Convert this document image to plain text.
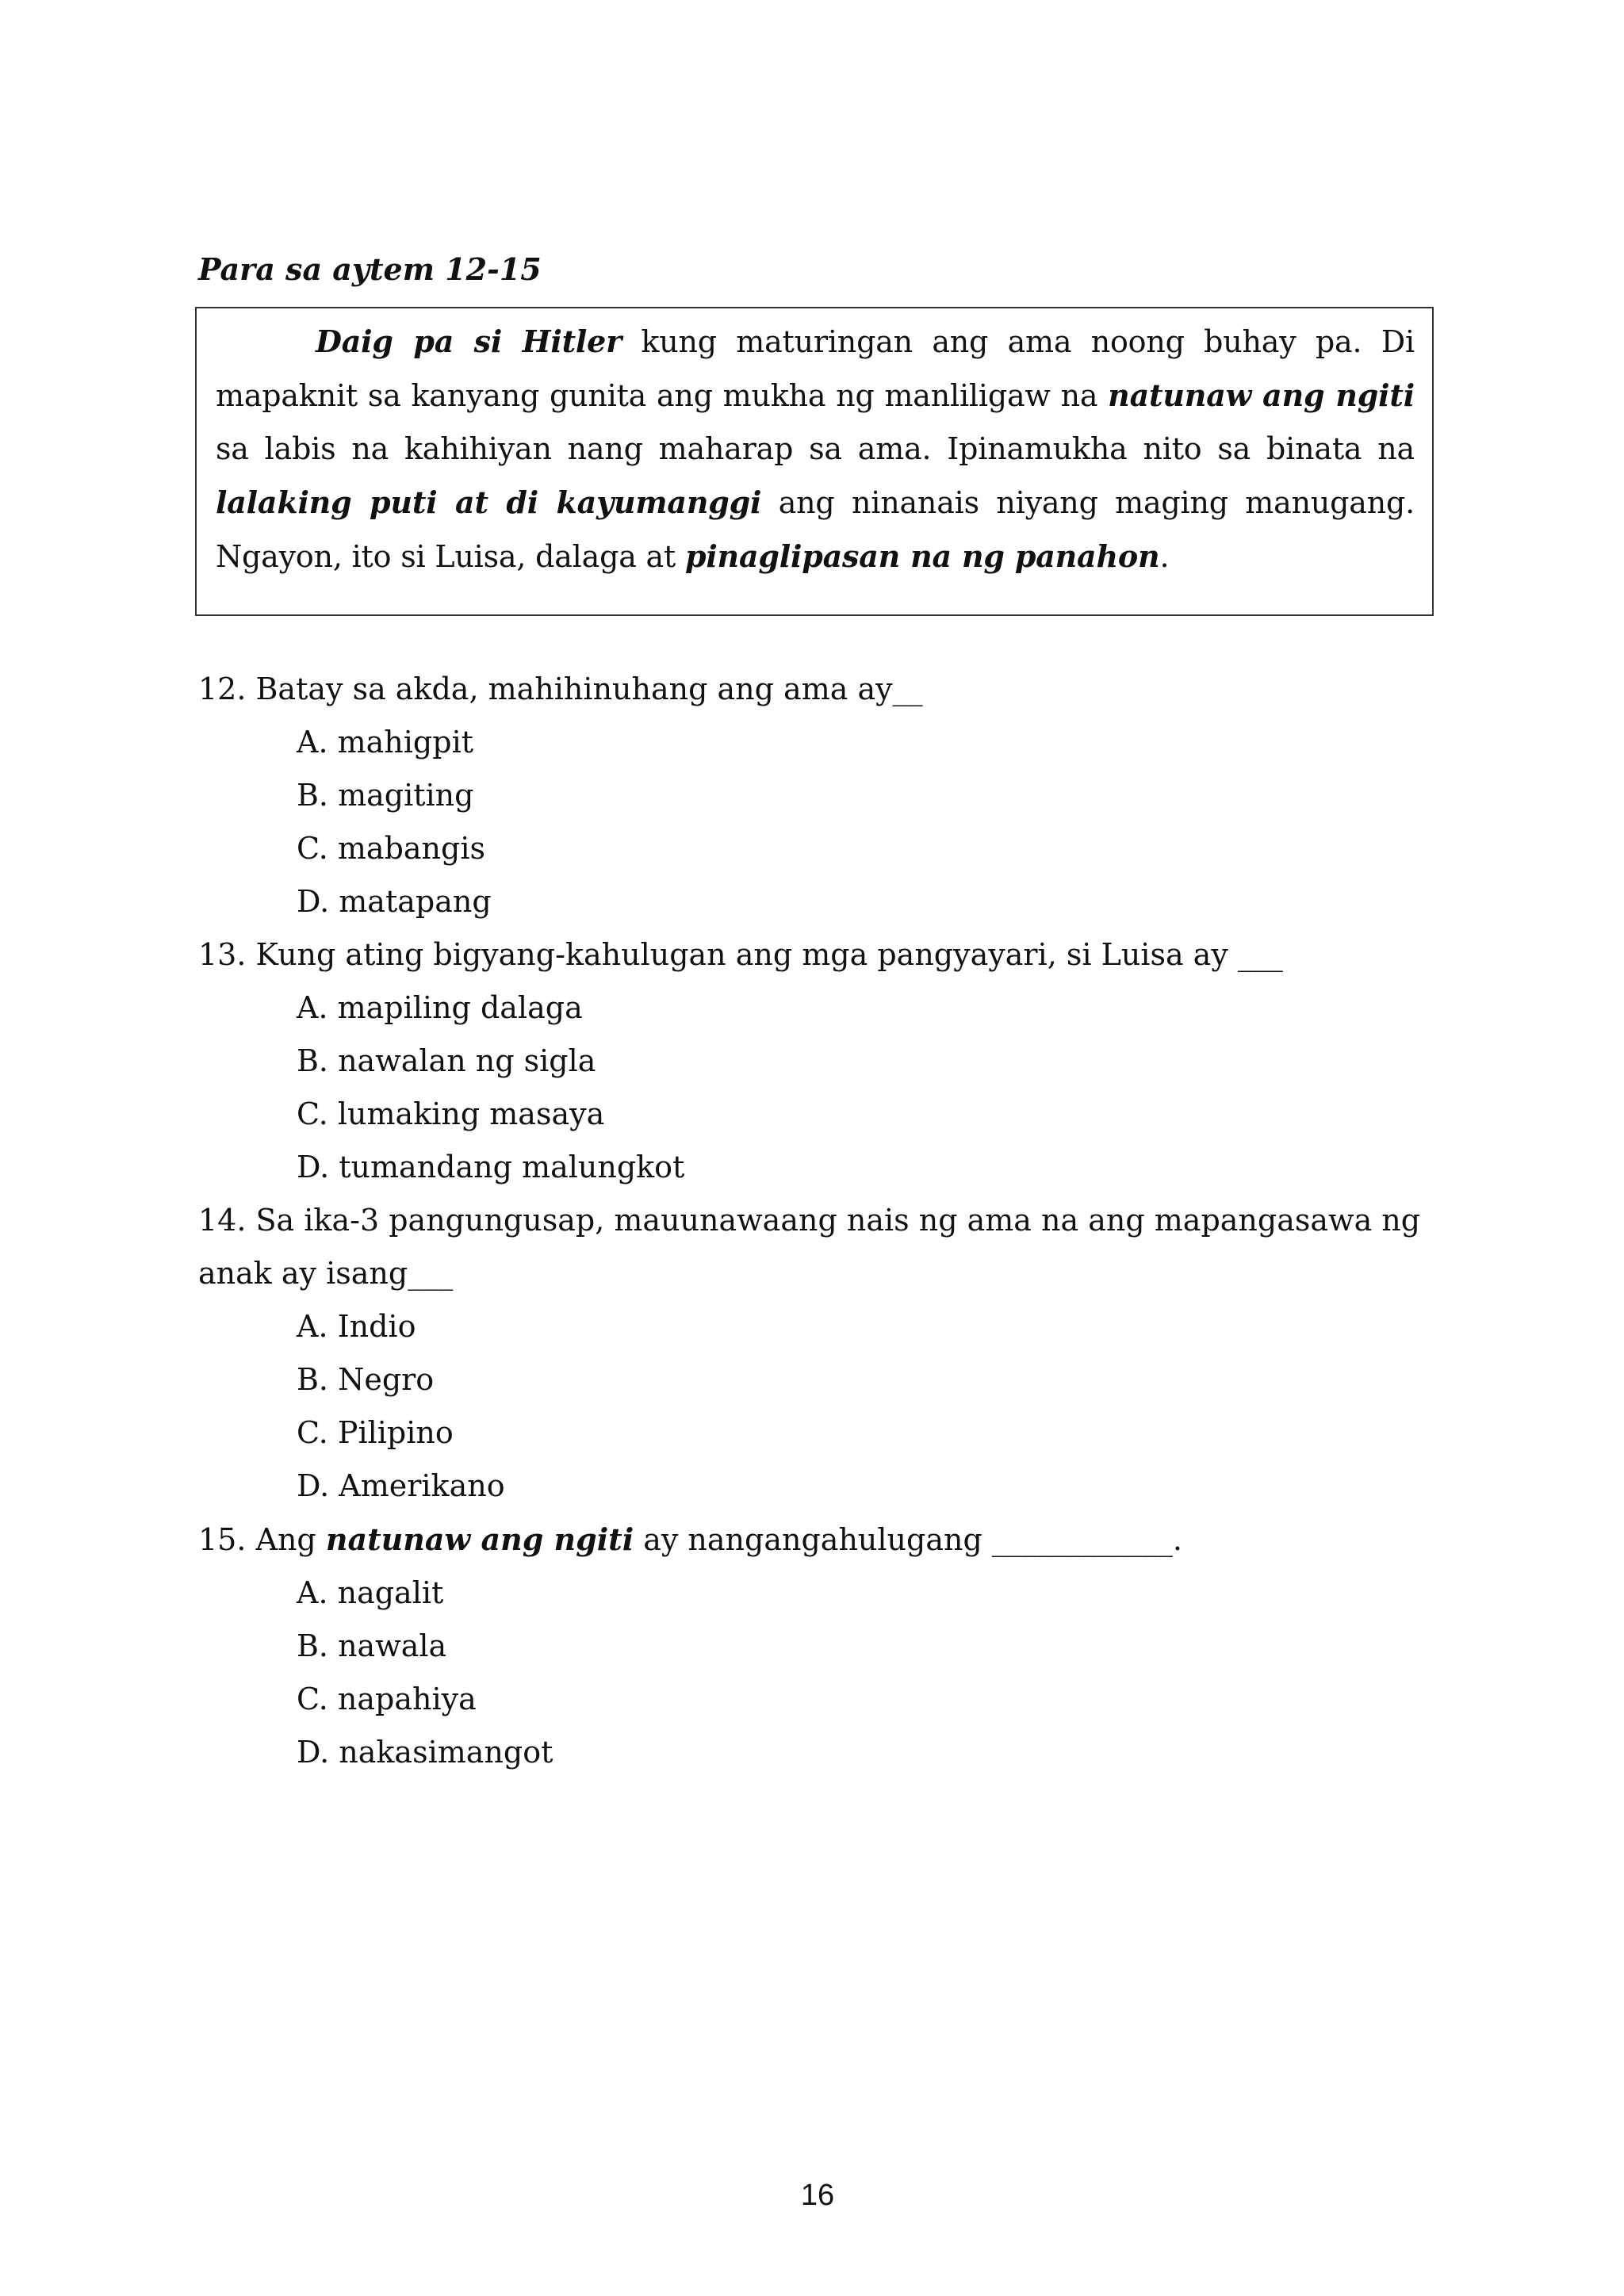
Para sa aytem 12-15

Daig pa si Hitler kung maturingan ang ama noong buhay pa. Di mapaknit sa kanyang gunita ang mukha ng manliligaw na natunaw ang ngiti sa labis na kahihiyan nang maharap sa ama. Ipinamukha nito sa binata na lalaking puti at di kayumanggi ang ninanais niyang maging manugang. Ngayon, ito si Luisa, dalaga at pinaglipasan na ng panahon.

12. Batay sa akda, mahihinuhang ang ama ay__

A. mahigpit
B. magiting
C. mabangis
D. matapang

13. Kung ating bigyang-kahulugan ang mga pangyayari, si Luisa ay ___

A. mapiling dalaga
B. nawalan ng sigla
C. lumaking masaya
D. tumandang malungkot

14. Sa ika-3 pangungusap, mauunawaang nais ng ama na ang mapangasawa ng anak ay isang___

A. Indio
B. Negro
C. Pilipino
D. Amerikano

15. Ang natunaw ang ngiti ay nangangahulugang ____________.

A. nagalit
B. nawala
C. napahiya
D. nakasimangot
16
